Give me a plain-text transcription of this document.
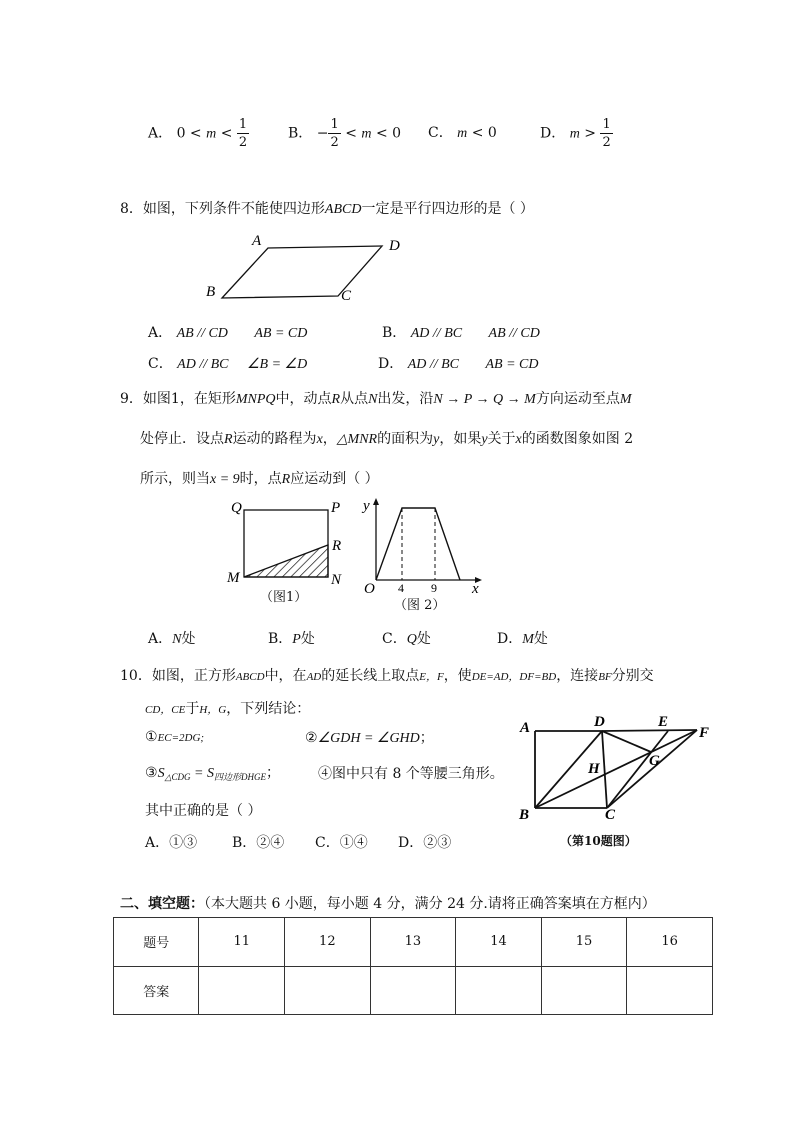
A． $0 < m < \frac{1}{2}$	B． − $\frac{1}{2} < m < 0$ C． m < 0	D． $m > \frac{1}{2}$
8．如图，下列条件不能使四边形ABCD一定是平行四边形的是（ ）
A	D
B	C
A． AB // CD AB = CD	B． AD // BC AB // CD
C． AD // BC ∠B = ∠D	D． AD // BC AB = CD
9．如图1，在矩形MNPQ中，动点R从点N出发，沿N → P → Q → M方向运动至点M
处停止．设点R运动的路程为x，△MNR的面积为y，如果y关于x的函数图象如图 2
所示，则当x = 9时，点R应运动到（ ）
Q	P
R
M	N
（图1）
y
O 4 9 x
（图 2）
A．N处	B．P处	C．Q处	D．M处
10．如图，正方形ABCD中，在AD的延长线上取点E，F，使DE=AD，DF=BD，连接BF分别交
CD，CE于H，G，下列结论：
①EC=2DG;	②∠GDH = ∠GHD；
$③S_{\triangle CDG} = S_{四边形DHGE}$；	④图中只有 8 个等腰三角形。
其中正确的是（ ）
A．①③ B．②④ C．①④ D．②③
A	D	E
F
H	G
B	C
（第10题图）
二、填空题：（本大题共 6 小题，每小题 4 分，满分 24 分.请将正确答案填在方框内）
题号	11	12	13	14	15	16
答案						
